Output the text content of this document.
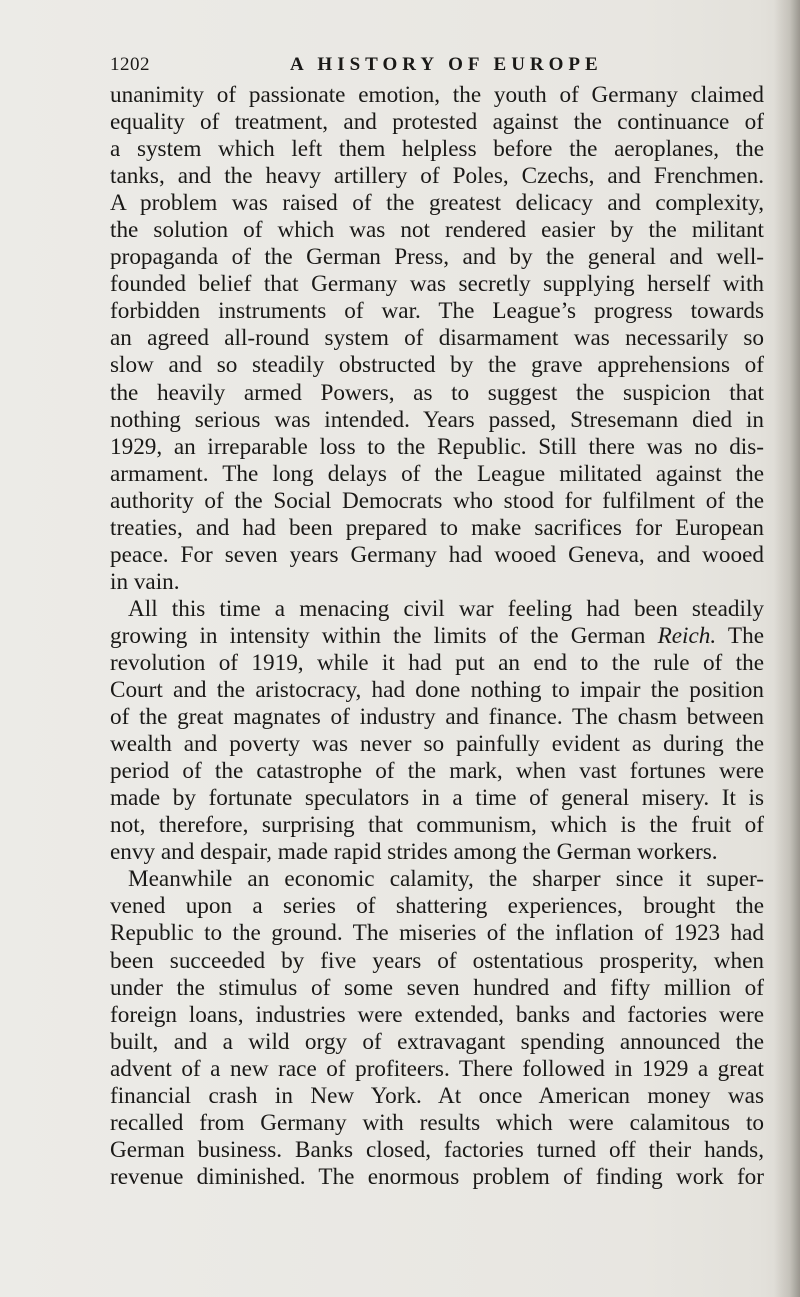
1202	A HISTORY OF EUROPE
unanimity of passionate emotion, the youth of Germany claimed
equality of treatment, and protested against the continuance of
a system which left them helpless before the aeroplanes, the
tanks, and the heavy artillery of Poles, Czechs, and Frenchmen.
A problem was raised of the greatest delicacy and complexity,
the solution of which was not rendered easier by the militant
propaganda of the German Press, and by the general and well-
founded belief that Germany was secretly supplying herself with
forbidden instruments of war. The League’s progress towards
an agreed all-round system of disarmament was necessarily so
slow and so steadily obstructed by the grave apprehensions of
the heavily armed Powers, as to suggest the suspicion that
nothing serious was intended. Years passed, Stresemann died in
1929, an irreparable loss to the Republic. Still there was no dis-
armament. The long delays of the League militated against the
authority of the Social Democrats who stood for fulfilment of the
treaties, and had been prepared to make sacrifices for European
peace. For seven years Germany had wooed Geneva, and wooed
in vain.
All this time a menacing civil war feeling had been steadily
growing in intensity within the limits of the German Reich. The
revolution of 1919, while it had put an end to the rule of the
Court and the aristocracy, had done nothing to impair the position
of the great magnates of industry and finance. The chasm between
wealth and poverty was never so painfully evident as during the
period of the catastrophe of the mark, when vast fortunes were
made by fortunate speculators in a time of general misery. It is
not, therefore, surprising that communism, which is the fruit of
envy and despair, made rapid strides among the German workers.
Meanwhile an economic calamity, the sharper since it super-
vened upon a series of shattering experiences, brought the
Republic to the ground. The miseries of the inflation of 1923 had
been succeeded by five years of ostentatious prosperity, when
under the stimulus of some seven hundred and fifty million of
foreign loans, industries were extended, banks and factories were
built, and a wild orgy of extravagant spending announced the
advent of a new race of profiteers. There followed in 1929 a great
financial crash in New York. At once American money was
recalled from Germany with results which were calamitous to
German business. Banks closed, factories turned off their hands,
revenue diminished. The enormous problem of finding work for
